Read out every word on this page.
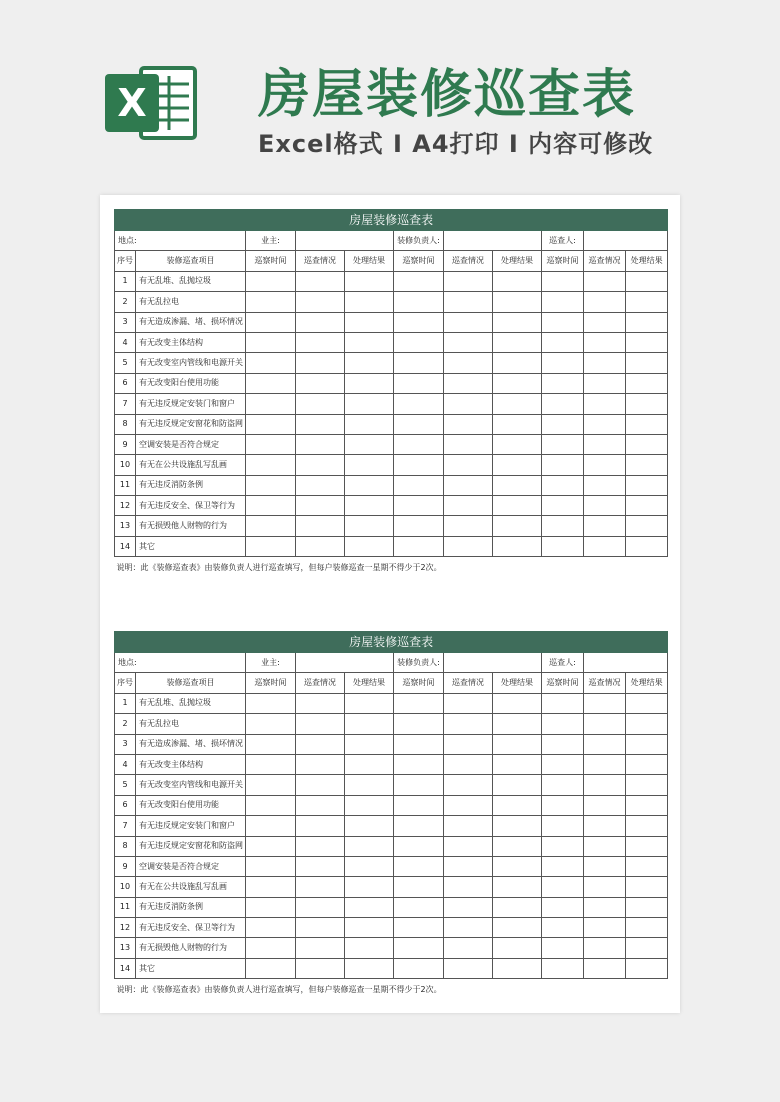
X 房屋装修巡查表
Excel格式 I A4打印 I 内容可修改
房屋装修巡查表										
地点:		业主:			装修负责人:			巡查人:		
序号	装修巡查项目	巡察时间	巡查情况	处理结果	巡察时间	巡查情况	处理结果	巡察时间	巡查情况	处理结果
1	有无乱堆、乱抛垃圾									
2	有无乱拉电									
3	有无造成渗漏、堵、损坏情况									
4	有无改变主体结构									
5	有无改变室内管线和电源开关									
6	有无改变阳台使用功能									
7	有无违反规定安装门和窗户									
8	有无违反规定安窗花和防盗网									
9	空调安装是否符合规定									
10	有无在公共设施乱写乱画									
11	有无违反消防条例									
12	有无违反安全、保卫等行为									
13	有无损毁他人财物的行为									
14	其它									
说明：此《装修巡查表》由装修负责人进行巡查填写，但每户装修巡查一星期不得少于2次。										
房屋装修巡查表										
地点:		业主:			装修负责人:			巡查人:		
序号	装修巡查项目	巡察时间	巡查情况	处理结果	巡察时间	巡查情况	处理结果	巡察时间	巡查情况	处理结果
1	有无乱堆、乱抛垃圾									
2	有无乱拉电									
3	有无造成渗漏、堵、损坏情况									
4	有无改变主体结构									
5	有无改变室内管线和电源开关									
6	有无改变阳台使用功能									
7	有无违反规定安装门和窗户									
8	有无违反规定安窗花和防盗网									
9	空调安装是否符合规定									
10	有无在公共设施乱写乱画									
11	有无违反消防条例									
12	有无违反安全、保卫等行为									
13	有无损毁他人财物的行为									
14	其它									
说明：此《装修巡查表》由装修负责人进行巡查填写，但每户装修巡查一星期不得少于2次。										
